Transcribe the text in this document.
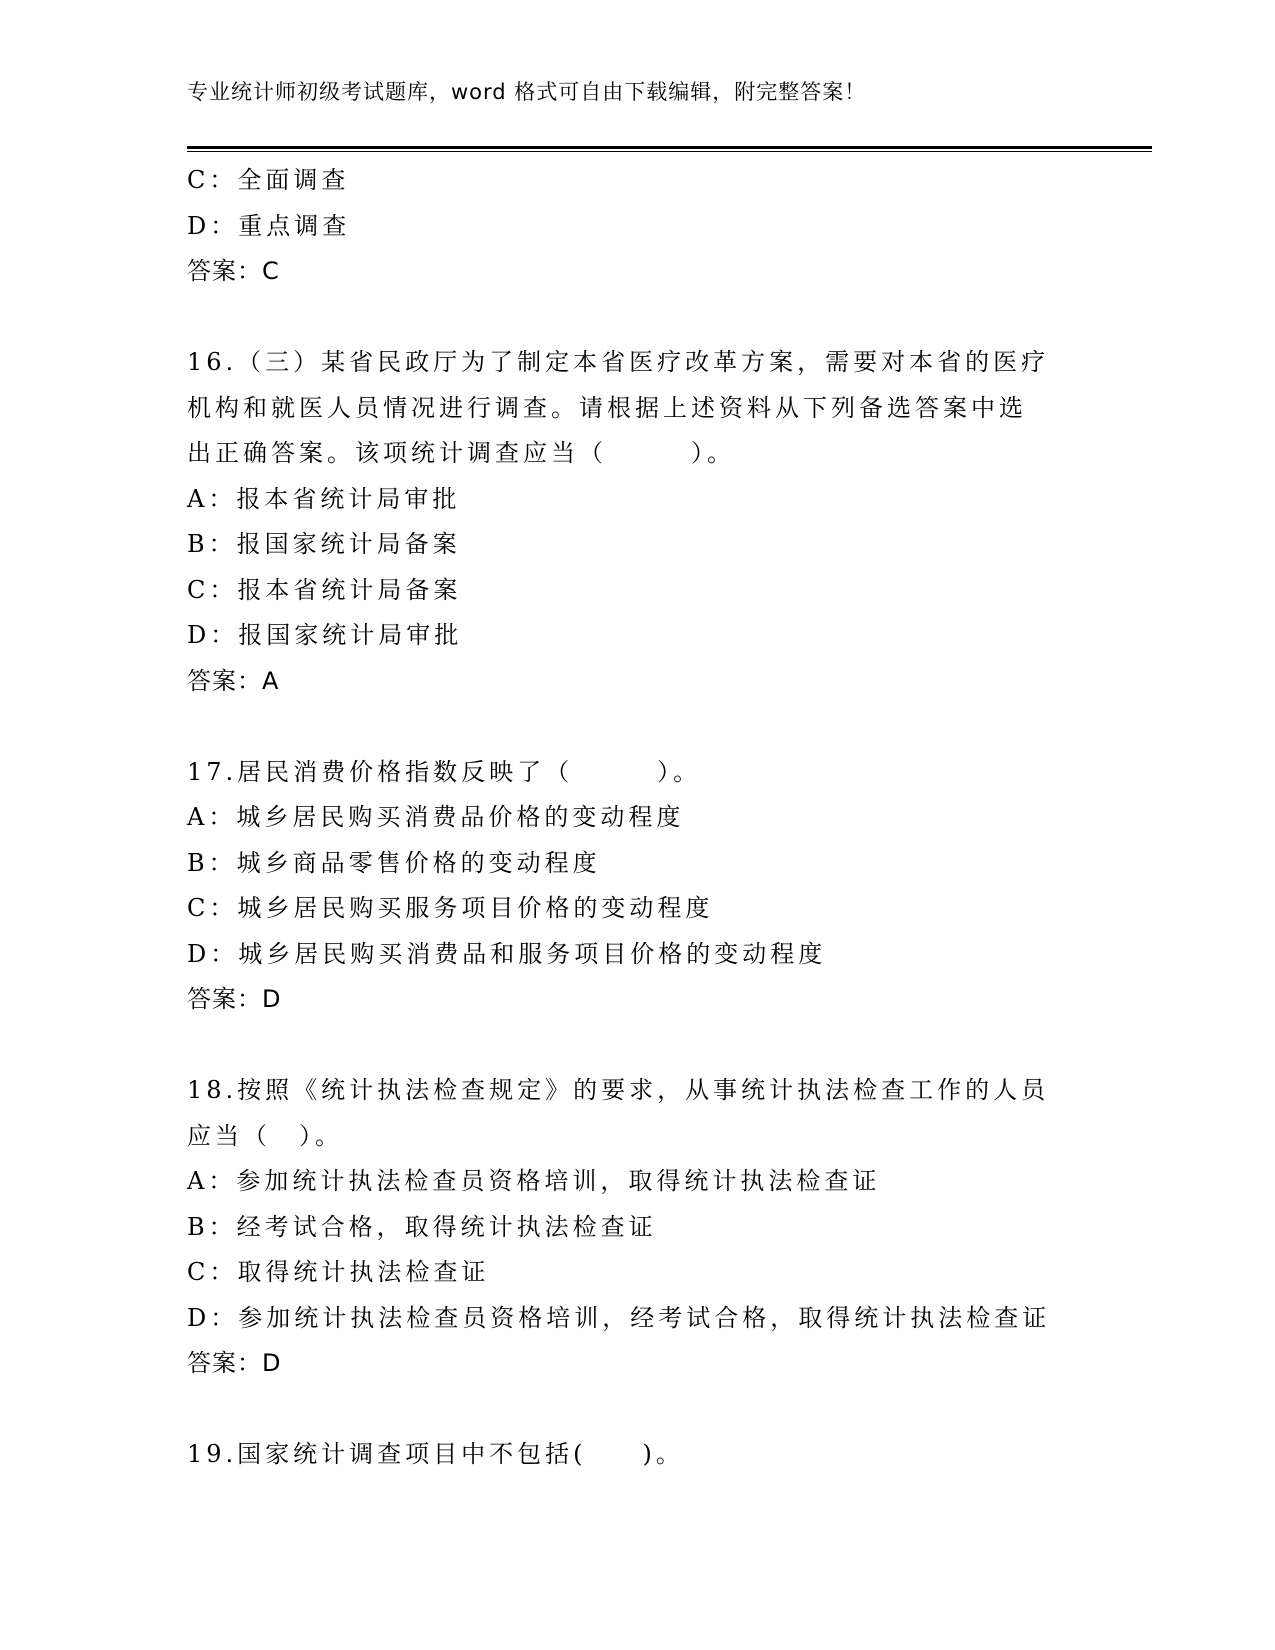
专业统计师初级考试题库，word 格式可自由下载编辑，附完整答案！
C：全面调查
D：重点调查
答案：C
16.（三）某省民政厅为了制定本省医疗改革方案，需要对本省的医疗
机构和就医人员情况进行调查。请根据上述资料从下列备选答案中选
出正确答案。该项统计调查应当（　　　）。
A：报本省统计局审批
B：报国家统计局备案
C：报本省统计局备案
D：报国家统计局审批
答案：A
17.居民消费价格指数反映了（　　　）。
A：城乡居民购买消费品价格的变动程度
B：城乡商品零售价格的变动程度
C：城乡居民购买服务项目价格的变动程度
D：城乡居民购买消费品和服务项目价格的变动程度
答案：D
18.按照《统计执法检查规定》的要求，从事统计执法检查工作的人员
应当（　）。
A：参加统计执法检查员资格培训，取得统计执法检查证
B：经考试合格，取得统计执法检查证
C：取得统计执法检查证
D：参加统计执法检查员资格培训，经考试合格，取得统计执法检查证
答案：D
19.国家统计调查项目中不包括(　　)。
